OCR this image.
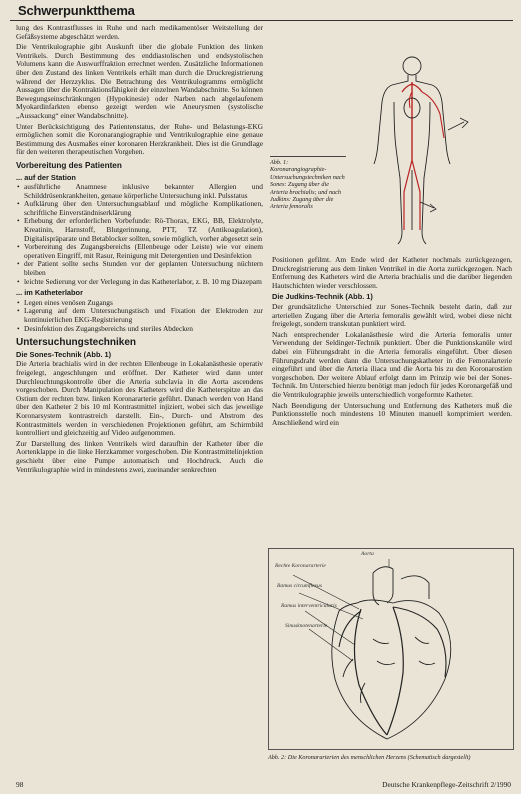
Schwerpunktthema

lung des Kontrastflusses in Ruhe und nach medikamentöser Weitstellung der Gefäßsysteme abgeschätzt werden.

Die Ventrikulographie gibt Auskunft über die globale Funktion des linken Ventrikels. Durch Bestimmung des enddiastolischen und endsystolischen Volumens kann die Auswurffraktion errechnet werden. Zusätzliche Informationen über den Zustand des linken Ventrikels erhält man durch die Druckregistrierung während der Herzzyklus. Die Betrachtung des Ventrikulogramms ermöglicht Aussagen über die Kontraktionsfähigkeit der einzelnen Wandabschnitte. So können Bewegungseinschränkungen (Hypokinesie) oder Narben nach abgelaufenem Myokardinfarkten ebenso gezeigt werden wie Aneurysmen (systolische „Aussackung“ einer Wandabschnitte).

Unter Berücksichtigung des Patientenstatus, der Ruhe- und Belastungs-EKG ermöglichen somit die Koronarangiographie und Ventrikulographie eine genaue Bestimmung des Ausmaßes einer koronaren Herzkrankheit. Dies ist die Grundlage für den weiteren therapeutischen Vorgehen.

Vorbereitung des Patienten
... auf der Station
• ausführliche Anamnese inklusive bekannter Allergien und Schilddrüsenkrankheiten, genaue körperliche Untersuchung inkl. Pulsstatus
• Aufklärung über den Untersuchungsablauf und mögliche Komplikationen, schriftliche Einverständniserklärung
• Erhebung der erforderlichen Vorbefunde: Rö-Thorax, EKG, BB, Elektrolyte, Kreatinin, Harnstoff, Blutgerinnung, PTT, TZ (Antikoagulation), Digitalispräparate und Betablocker sollten, sowie möglich, vorher abgesetzt sein
• Vorbereitung des Zugangsbereichs (Ellenbeuge oder Leiste) wie vor einem operativen Eingriff, mit Rasur, Reinigung mit Detergentien und Desinfektion
• der Patient sollte sechs Stunden vor der geplanten Untersuchung nüchtern bleiben
• leichte Sedierung vor der Verlegung in das Katheterlabor, z. B. 10 mg Diazepam
... im Katheterlabor
• Legen eines venösen Zugangs
• Lagerung auf dem Untersuchungstisch und Fixation der Elektroden zur kontinuierlichen EKG-Registrierung
• Desinfektion des Zugangsbereichs und steriles Abdecken
Untersuchungstechniken
Die Sones-Technik (Abb. 1)

Die Arteria brachialis wird in der rechten Ellenbeuge in Lokalanästhesie operativ freigelegt, angeschlungen und eröffnet. Der Katheter wird dann unter Durchleuchtungskontrolle über die Arteria subclavia in die Aorta ascendens vorgeschoben. Durch Manipulation des Katheters wird die Katheterspitze an das Ostium der rechten bzw. linken Koronararterie geführt. Danach werden von Hand über den Katheter 2 bis 10 ml Kontrastmittel injiziert, wobei sich das jeweilige Koronarsystem kontrastreich darstellt. Ein-, Durch- und Abstrom des Kontrastmittels werden in verschiedenen Projektionen geführt, am Schirmbild kontrolliert und gleichzeitig auf Video aufgenommen.

Zur Darstellung des linken Ventrikels wird daraufhin der Katheter über die Aortenklappe in die linke Herzkammer vorgeschoben. Die Kontrastmittelinjektion geschieht über eine Pumpe automatisch und Hochdruck. Auch die Ventrikulographie wird in mindestens zwei, zueinander senkrechten

Abb. 1: Koronarangiographie-Untersuchungstechniken nach Sones: Zugang über die Arteria brachialis; und nach Judkins: Zugang über die Arteria femoralis

Positionen gefilmt. Am Ende wird der Katheter nochmals zurückgezogen, Druckregistrierung aus dem linken Ventrikel in die Aorta zurückgezogen. Nach Entfernung des Katheters wird die Arteria brachialis und die darüber liegenden Hautschichten wieder verschlossen.

Die Judkins-Technik (Abb. 1)

Der grundsätzliche Unterschied zur Sones-Technik besteht darin, daß zur arteriellen Zugang über die Arteria femoralis gewählt wird, wobei diese nicht freigelegt, sondern transkutan punktiert wird.

Nach entsprechender Lokalanästhesie wird die Arteria femoralis unter Verwendung der Seldinger-Technik punktiert. Über die Punktionskanüle wird dabei ein Führungsdraht in die Arteria femoralis eingeführt. Über diesen Führungsdraht werden dann die Untersuchungskatheter in die Femoralarterie eingeführt und über die Arteria iliaca und die Aorta bis zu den Koronarostien vorgeschoben. Der weitere Ablauf erfolgt dann im Prinzip wie bei der Sones-Technik. Im Unterschied hierzu benötigt man jedoch für jedes Koronargefäß und die Ventrikulographie jeweils unterschiedlich vorgeformte Katheter.

Nach Beendigung der Untersuchung und Entfernung des Katheters muß die Punktionsstelle noch mindestens 10 Minuten manuell komprimiert werden. Anschließend wird ein

Aorta
Rechte Koronararterie
Ramus circumflexus
Ramus interventricularis
Sinusknotenarterie
Abb. 2: Die Koronararterien des menschlichen Herzens (Schematisch dargestellt)
98	Deutsche Krankenpflege-Zeitschrift 2/1990
